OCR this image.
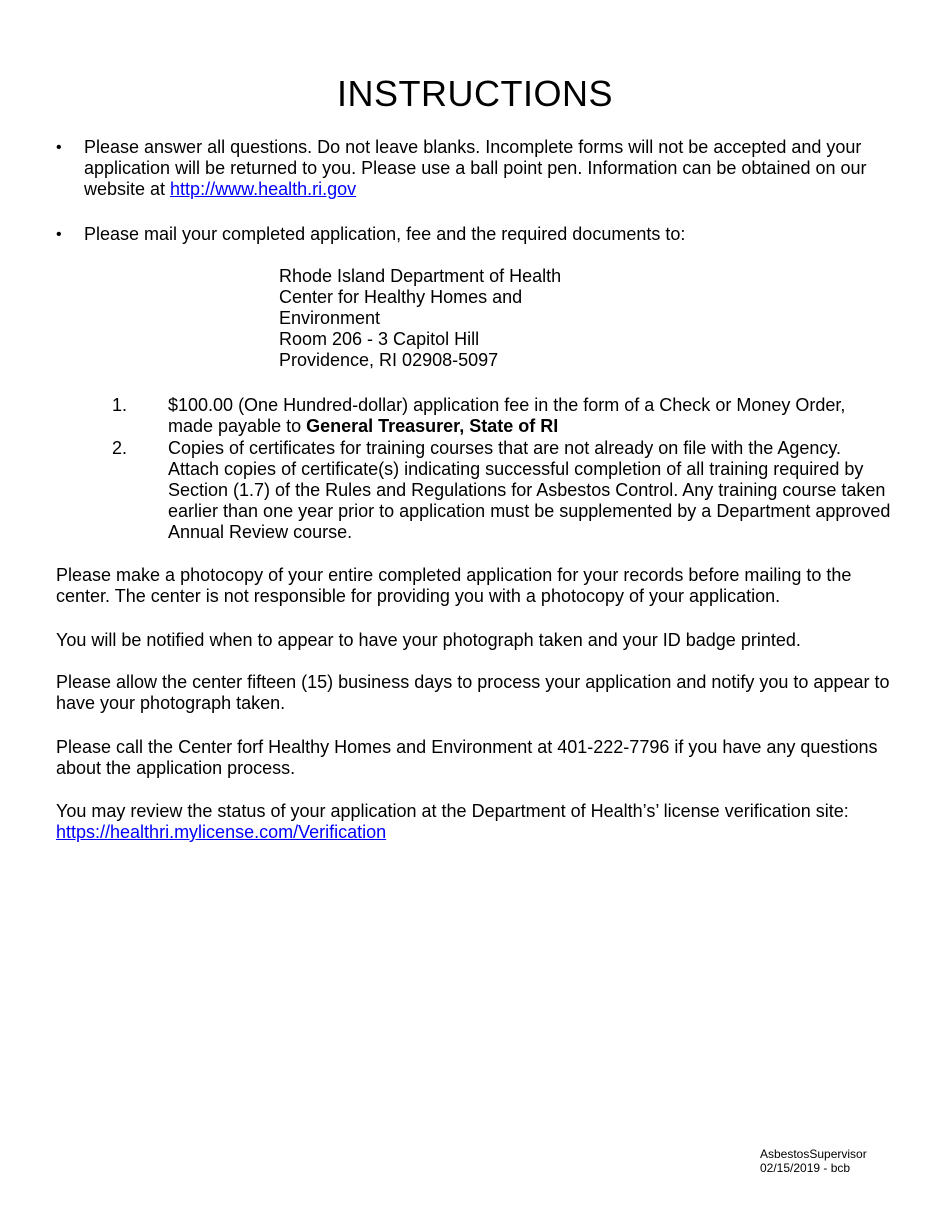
INSTRUCTIONS
•	Please answer all questions. Do not leave blanks. Incomplete forms will not be accepted and your application will be returned to you. Please use a ball point pen. Information can be obtained on our website at http://www.health.ri.gov
•	Please mail your completed application, fee and the required documents to:
Rhode Island Department of Health
Center for Healthy Homes and
Environment
Room 206 - 3 Capitol Hill
Providence, RI 02908-5097
1. $100.00 (One Hundred-dollar) application fee in the form of a Check or Money Order, made payable to General Treasurer, State of RI
2. Copies of certificates for training courses that are not already on file with the Agency. Attach copies of certificate(s) indicating successful completion of all training required by Section (1.7) of the Rules and Regulations for Asbestos Control. Any training course taken earlier than one year prior to application must be supplemented by a Department approved Annual Review course.
Please make a photocopy of your entire completed application for your records before mailing to the center. The center is not responsible for providing you with a photocopy of your application.
You will be notified when to appear to have your photograph taken and your ID badge printed.
Please allow the center fifteen (15) business days to process your application and notify you to appear to have your photograph taken.
Please call the Center forf Healthy Homes and Environment at 401-222-7796 if you have any questions about the application process.
You may review the status of your application at the Department of Health’s’ license verification site:
https://healthri.mylicense.com/Verification
AsbestosSupervisor
02/15/2019 - bcb
